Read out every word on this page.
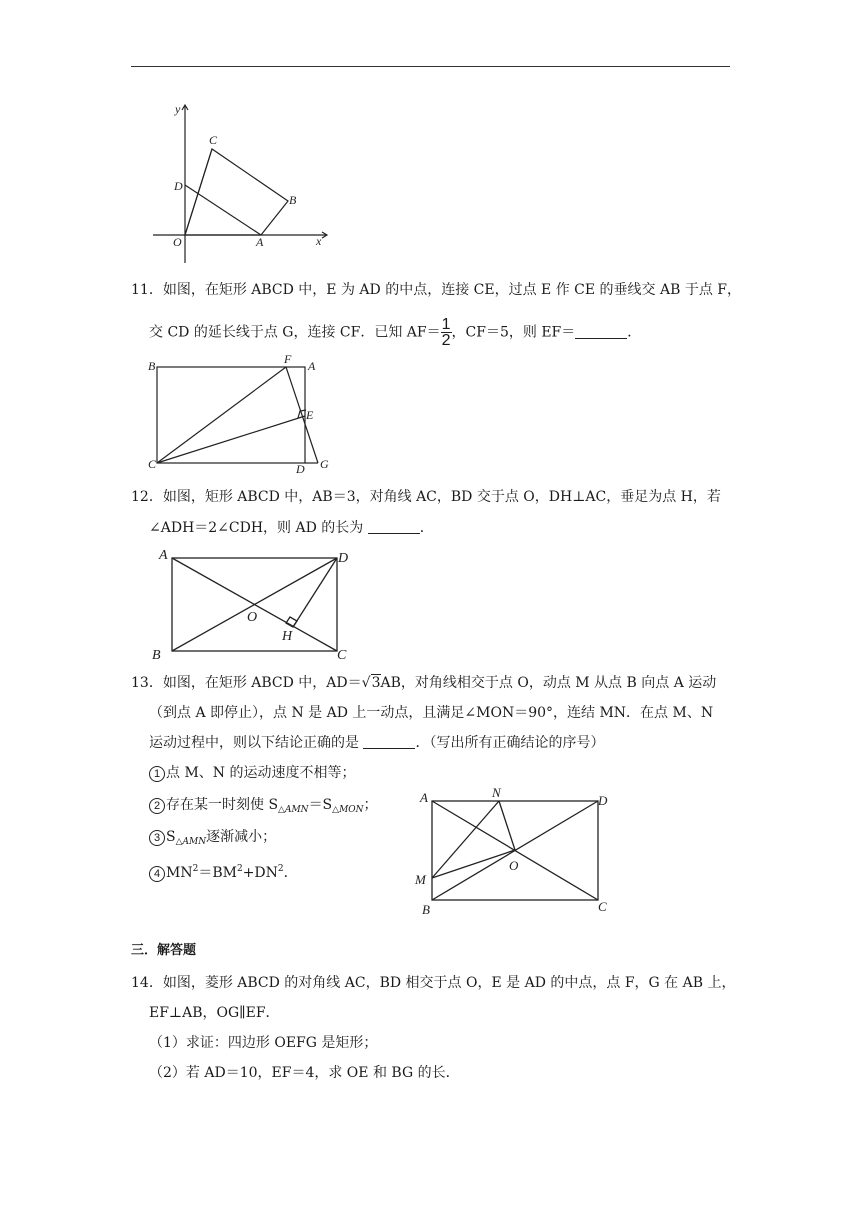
y
x
C
D
B
O	A
11．如图，在矩形 ABCD 中，E 为 AD 的中点，连接 CE，过点 E 作 CE 的垂线交 AB 于点 F，
交 CD 的延长线于点 G，连接 CF．已知 $AF= \frac{1}{2}$ ，CF＝5，则 EF＝	．
B	F A
E
C	D G
12．如图，矩形 ABCD 中，AB＝3，对角线 AC，BD 交于点 O，DH⊥AC，垂足为点 H，若
∠ADH＝2∠CDH，则 AD 的长为	．
A	D
O
H
B	C
13．如图，在矩形 ABCD 中，AD＝√3AB，对角线相交于点 O，动点 M 从点 B 向点 A 运动
（到点 A 即停止），点 N 是 AD 上一动点，且满足∠MON＝90°，连结 MN．在点 M、N
运动过程中，则以下结论正确的是	．（写出所有正确结论的序号）
1 点 M、N 的运动速度不相等；
2 存在某一时刻使 $S_{\triangle AMN}=S_{\triangle MON}$；
3 $S_{\triangle AMN}$逐渐减小；
4 $MN^2=BM^2+DN^2$．
A	N
D
O
M
B	C
三．解答题
14．如图，菱形 ABCD 的对角线 AC，BD 相交于点 O，E 是 AD 的中点，点 F，G 在 AB 上，
EF⊥AB，OG∥EF．
（1）求证：四边形 OEFG 是矩形；
（2）若 AD＝10，EF＝4，求 OE 和 BG 的长．
